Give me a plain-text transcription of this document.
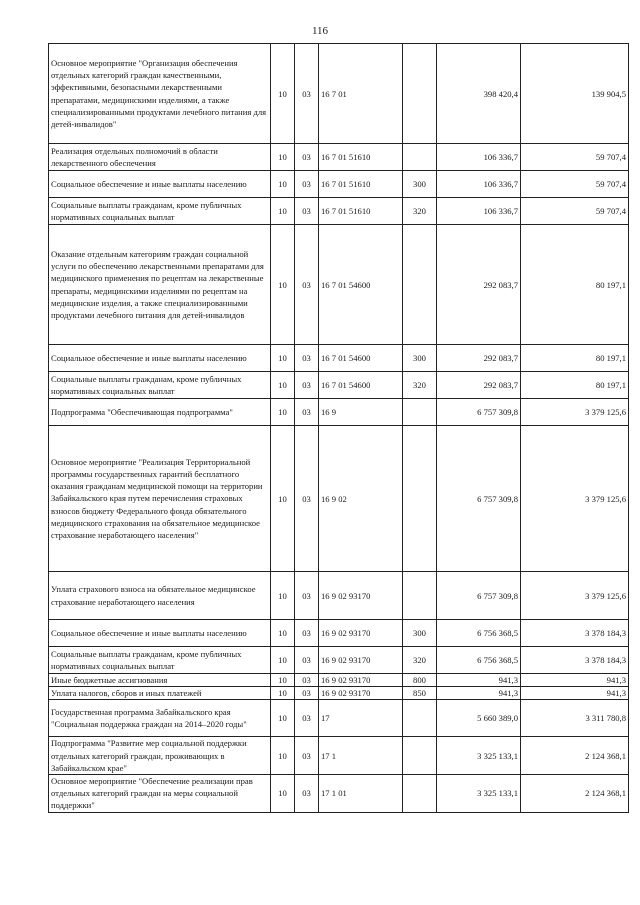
116
Основное мероприятие "Организация обеспечения отдельных категорий граждан качественными, эффективными, безопасными лекарственными препаратами, медицинскими изделиями, а также специализированными продуктами лечебного питания для детей-инвалидов"	10	03	16 7 01		398 420,4	139 904,5
Реализация отдельных полномочий в области лекарственного обеспечения	10	03	16 7 01 51610		106 336,7	59 707,4
Социальное обеспечение и иные выплаты населению	10	03	16 7 01 51610	300	106 336,7	59 707,4
Социальные выплаты гражданам, кроме публичных нормативных социальных выплат	10	03	16 7 01 51610	320	106 336,7	59 707,4
Оказание отдельным категориям граждан социальной услуги по обеспечению лекарственными препаратами для медицинского применения по рецептам на лекарственные препараты, медицинскими изделиями по рецептам на медицинские изделия, а также специализированными продуктами лечебного питания для детей-инвалидов	10	03	16 7 01 54600		292 083,7	80 197,1
Социальное обеспечение и иные выплаты населению	10	03	16 7 01 54600	300	292 083,7	80 197,1
Социальные выплаты гражданам, кроме публичных нормативных социальных выплат	10	03	16 7 01 54600	320	292 083,7	80 197,1
Подпрограмма "Обеспечивающая подпрограмма"	10	03	16 9		6 757 309,8	3 379 125,6
Основное мероприятие "Реализация Территориальной программы государственных гарантий бесплатного оказания гражданам медицинской помощи на территории Забайкальского края путем перечисления страховых взносов бюджету Федерального фонда обязательного медицинского страхования на обязательное медицинское страхование неработающего населения"	10	03	16 9 02		6 757 309,8	3 379 125,6
Уплата страхового взноса на обязательное медицинское страхование неработающего населения	10	03	16 9 02 93170		6 757 309,8	3 379 125,6
Социальное обеспечение и иные выплаты населению	10	03	16 9 02 93170	300	6 756 368,5	3 378 184,3
Социальные выплаты гражданам, кроме публичных нормативных социальных выплат	10	03	16 9 02 93170	320	6 756 368,5	3 378 184,3
Иные бюджетные ассигнования	10	03	16 9 02 93170	800	941,3	941,3
Уплата налогов, сборов и иных платежей	10	03	16 9 02 93170	850	941,3	941,3
Государственная программа Забайкальского края "Социальная поддержка граждан на 2014–2020 годы"	10	03	17		5 660 389,0	3 311 780,8
Подпрограмма "Развитие мер социальной поддержки отдельных категорий граждан, проживающих в Забайкальском крае"	10	03	17 1		3 325 133,1	2 124 368,1
Основное мероприятие "Обеспечение реализации прав отдельных категорий граждан на меры социальной поддержки"	10	03	17 1 01		3 325 133,1	2 124 368,1
